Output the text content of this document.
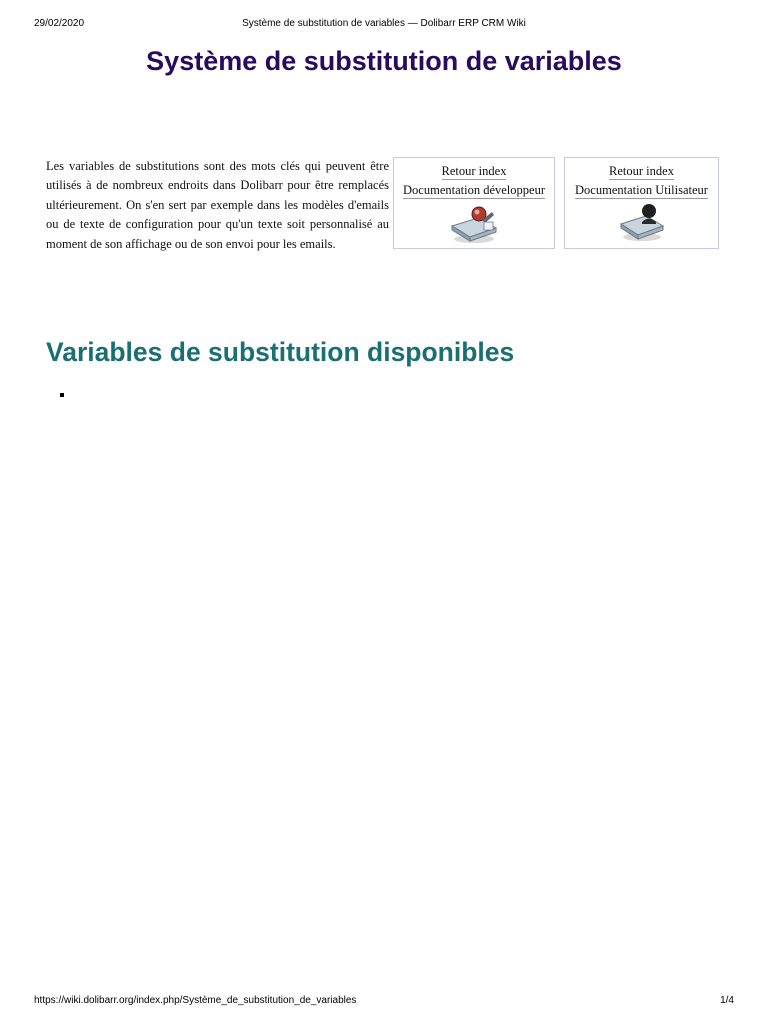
29/02/2020	Système de substitution de variables — Dolibarr ERP CRM Wiki
Système de substitution de variables

Les variables de substitutions sont des mots clés qui peuvent être utilisés à de nombreux endroits dans Dolibarr pour être remplacés ultérieurement. On s'en sert par exemple dans les modèles d'emails ou de texte de configuration pour qu'un texte soit personnalisé au moment de son affichage ou de son envoi pour les emails.

Retour index
Documentation développeur
Retour index
Documentation Utilisateur
Variables de substitution disponibles
https://wiki.dolibarr.org/index.php/Système_de_substitution_de_variables	1/4
